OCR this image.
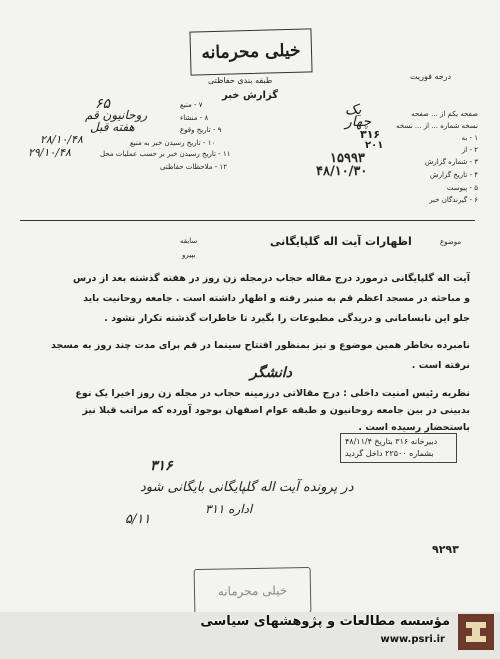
خیلی محرمانه
طبقه بندی حفاظتی
گزارش خبر
درجه فوریت
صفحه‌ یکم از ... صفحه
یک
نسخه شماره ... از ... نسخه
چهار
۱ - به
۳۱۶
۲ - از
۲۰۱
۳ - شماره گزارش
۱۵۹۹۳
۴ - تاریخ گزارش
۴۸/۱۰/۳۰
۵ - پیوست
۶ - گیرندگان خبر
۷ - منبع
۶۵
۸ - منشاء
روحانیون قم
۹ - تاریخ وقوع
هفته قبل
۱۰ - تاریخ رسیدن خبر به منبع
۲۸/۱۰/۴۸
۱۱ - تاریخ رسیدن خبر بر حسب عملیات محل
۲۹/۱۰/۴۸
۱۲ - ملاحظات حفاظتی
موضوع
اظهارات آیت اله گلپایگانی
سابقه
بپیرو
آیت اله گلپایگانی درمورد درج مقاله حجاب درمجله زن روز در هفته گذشته بعد از درس
و مباحثه در مسجد اعظم قم به منبر رفته و اظهار داشته است . جامعه روحانیت باید
جلو این نابسامانی و دریدگی مطبوعات را بگیرد تا خاطرات گذشته تکرار نشود .
نامبرده بخاطر همین موضوع و نیز بمنظور افتتاح سینما در قم برای مدت چند روز به مسجد
نرفته است .
دانشگر
نظریه رئیس امنیت داخلی : درج مقالاتی درزمینه حجاب در مجله زن روز اخیرا یک نوع
بدبینی در بین جامعه روحانیون و طبقه عوام اصفهان بوجود آورده که مراتب قبلا نیز
باستحضار رسیده است .
دبیرخانه ۳۱۶ بتاریخ ۴۸/۱۱/۴
بشماره ۲۲۵۰۰ داخل گردید
۳۱۶
در پرونده آیت اله گلپایگانی بایگانی شود
۵/۱۱
اداره ۳۱۱
۹۲۹۳
خیلی محرمانه
مؤسسه مطالعات و پژوهشهای سیاسی
www.psri.ir
